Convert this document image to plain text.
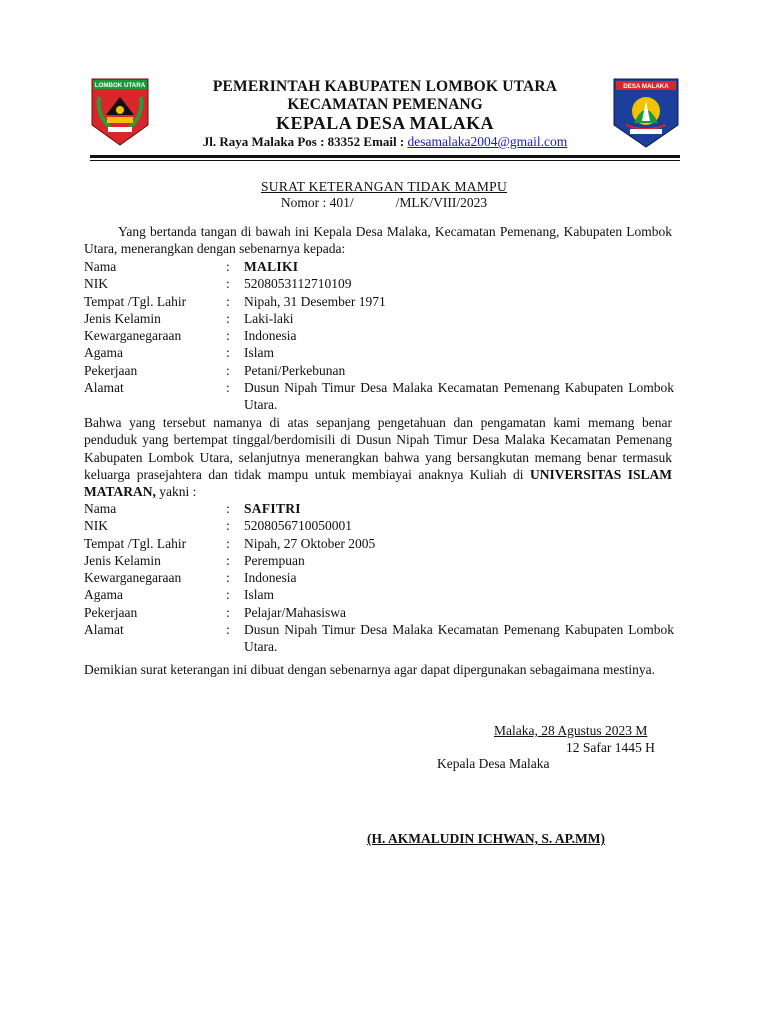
LOMBOK UTARA	DESA MALAKA
PEMERINTAH KABUPATEN LOMBOK UTARA
KECAMATAN PEMENANG
KEPALA DESA MALAKA
Jl. Raya Malaka Pos : 83352 Email : desamalaka2004@gmail.com
SURAT KETERANGAN TIDAK MAMPU
Nomor : 401/	/MLK/VIII/2023
Yang bertanda tangan di bawah ini Kepala Desa Malaka, Kecamatan Pemenang, Kabupaten Lombok Utara, menerangkan dengan sebenarnya kepada:
Nama	:	MALIKI
NIK	:	5208053112710109
Tempat /Tgl. Lahir	:	Nipah, 31 Desember 1971
Jenis Kelamin	:	Laki-laki
Kewarganegaraan	:	Indonesia
Agama	:	Islam
Pekerjaan	:	Petani/Perkebunan
Alamat	:	Dusun Nipah Timur Desa Malaka Kecamatan Pemenang Kabupaten Lombok Utara.
Bahwa yang tersebut namanya di atas sepanjang pengetahuan dan pengamatan kami memang benar penduduk yang bertempat tinggal/berdomisili di Dusun Nipah Timur Desa Malaka Kecamatan Pemenang Kabupaten Lombok Utara, selanjutnya menerangkan bahwa yang bersangkutan memang benar termasuk keluarga prasejahtera dan tidak mampu untuk membiayai anaknya Kuliah di UNIVERSITAS ISLAM MATARAN, yakni :
Nama	:	SAFITRI
NIK	:	5208056710050001
Tempat /Tgl. Lahir	:	Nipah, 27 Oktober 2005
Jenis Kelamin	:	Perempuan
Kewarganegaraan	:	Indonesia
Agama	:	Islam
Pekerjaan	:	Pelajar/Mahasiswa
Alamat	:	Dusun Nipah Timur Desa Malaka Kecamatan Pemenang Kabupaten Lombok Utara.
Demikian surat keterangan ini dibuat dengan sebenarnya agar dapat dipergunakan sebagaimana mestinya.
Malaka, 28 Agustus 2023 M
12 Safar 1445 H
Kepala Desa Malaka
(H. AKMALUDIN ICHWAN, S. AP.MM)
